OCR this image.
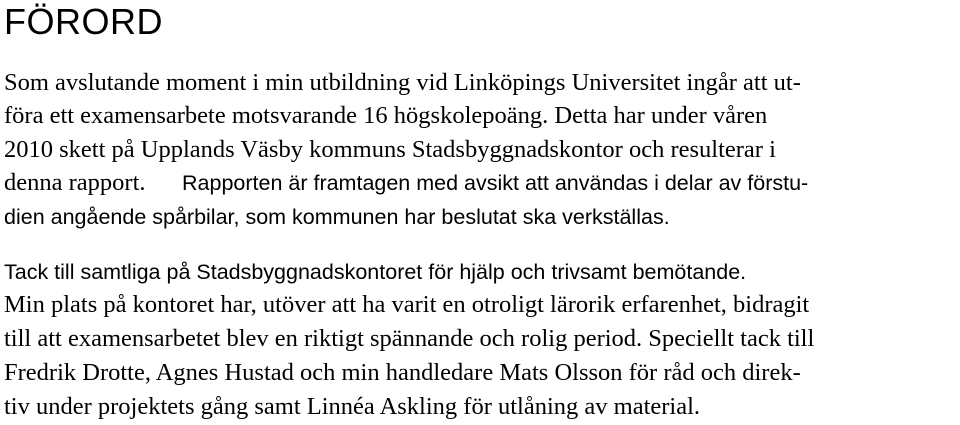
FÖRORD
Som avslutande moment i min utbildning vid Linköpings Universitet ingår att ut-
föra ett examensarbete motsvarande 16 högskolepoäng. Detta har under våren
2010 skett på Upplands Väsby kommuns Stadsbyggnadskontor och resulterar i
denna rapport. Rapporten är framtagen med avsikt att användas i delar av förstu-
dien angående spårbilar, som kommunen har beslutat ska verkställas.
Tack till samtliga på Stadsbyggnadskontoret för hjälp och trivsamt bemötande.
Min plats på kontoret har, utöver att ha varit en otroligt lärorik erfarenhet, bidragit
till att examensarbetet blev en riktigt spännande och rolig period. Speciellt tack till
Fredrik Drotte, Agnes Hustad och min handledare Mats Olsson för råd och direk-
tiv under projektets gång samt Linnéa Askling för utlåning av material.
